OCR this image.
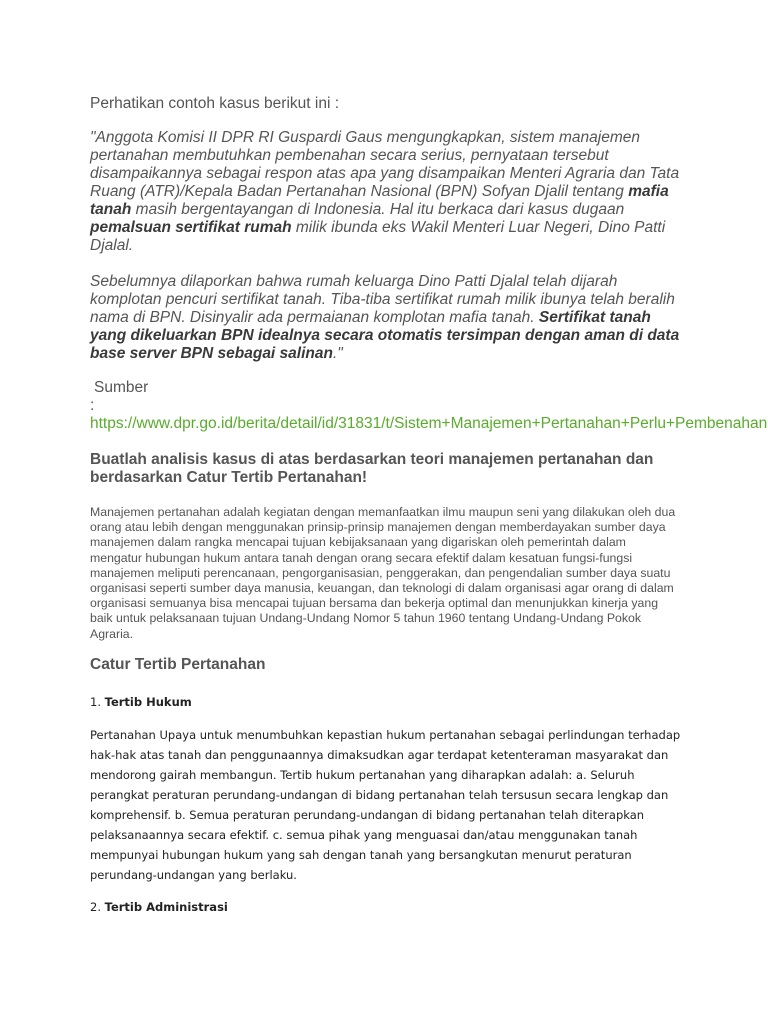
Perhatikan contoh kasus berikut ini :

"Anggota Komisi II DPR RI Guspardi Gaus mengungkapkan, sistem manajemen pertanahan membutuhkan pembenahan secara serius, pernyataan tersebut disampaikannya sebagai respon atas apa yang disampaikan Menteri Agraria dan Tata Ruang (ATR)/Kepala Badan Pertanahan Nasional (BPN) Sofyan Djalil tentang mafia tanah masih bergentayangan di Indonesia. Hal itu berkaca dari kasus dugaan pemalsuan sertifikat rumah milik ibunda eks Wakil Menteri Luar Negeri, Dino Patti Djalal.

Sebelumnya dilaporkan bahwa rumah keluarga Dino Patti Djalal telah dijarah komplotan pencuri sertifikat tanah. Tiba-tiba sertifikat rumah milik ibunya telah beralih nama di BPN. Disinyalir ada permaianan komplotan mafia tanah. Sertifikat tanah yang dikeluarkan BPN idealnya secara otomatis tersimpan dengan aman di data base server BPN sebagai salinan."

Sumber
: https://www.dpr.go.id/berita/detail/id/31831/t/Sistem+Manajemen+Pertanahan+Perlu+Pembenahan

Buatlah analisis kasus di atas berdasarkan teori manajemen pertanahan dan berdasarkan Catur Tertib Pertanahan!

Manajemen pertanahan adalah kegiatan dengan memanfaatkan ilmu maupun seni yang dilakukan oleh dua orang atau lebih dengan menggunakan prinsip-prinsip manajemen dengan memberdayakan sumber daya manajemen dalam rangka mencapai tujuan kebijaksanaan yang digariskan oleh pemerintah dalam mengatur hubungan hukum antara tanah dengan orang secara efektif dalam kesatuan fungsi-fungsi manajemen meliputi perencanaan, pengorganisasian, penggerakan, dan pengendalian sumber daya suatu organisasi seperti sumber daya manusia, keuangan, dan teknologi di dalam organisasi agar orang di dalam organisasi semuanya bisa mencapai tujuan bersama dan bekerja optimal dan menunjukkan kinerja yang baik untuk pelaksanaan tujuan Undang-Undang Nomor 5 tahun 1960 tentang Undang-Undang Pokok Agraria.

Catur Tertib Pertanahan

1. Tertib Hukum

Pertanahan Upaya untuk menumbuhkan kepastian hukum pertanahan sebagai perlindungan terhadap hak-hak atas tanah dan penggunaannya dimaksudkan agar terdapat ketenteraman masyarakat dan mendorong gairah membangun. Tertib hukum pertanahan yang diharapkan adalah: a. Seluruh perangkat peraturan perundang-undangan di bidang pertanahan telah tersusun secara lengkap dan komprehensif. b. Semua peraturan perundang-undangan di bidang pertanahan telah diterapkan pelaksanaannya secara efektif. c. semua pihak yang menguasai dan/atau menggunakan tanah mempunyai hubungan hukum yang sah dengan tanah yang bersangkutan menurut peraturan perundang-undangan yang berlaku.

2. Tertib Administrasi
